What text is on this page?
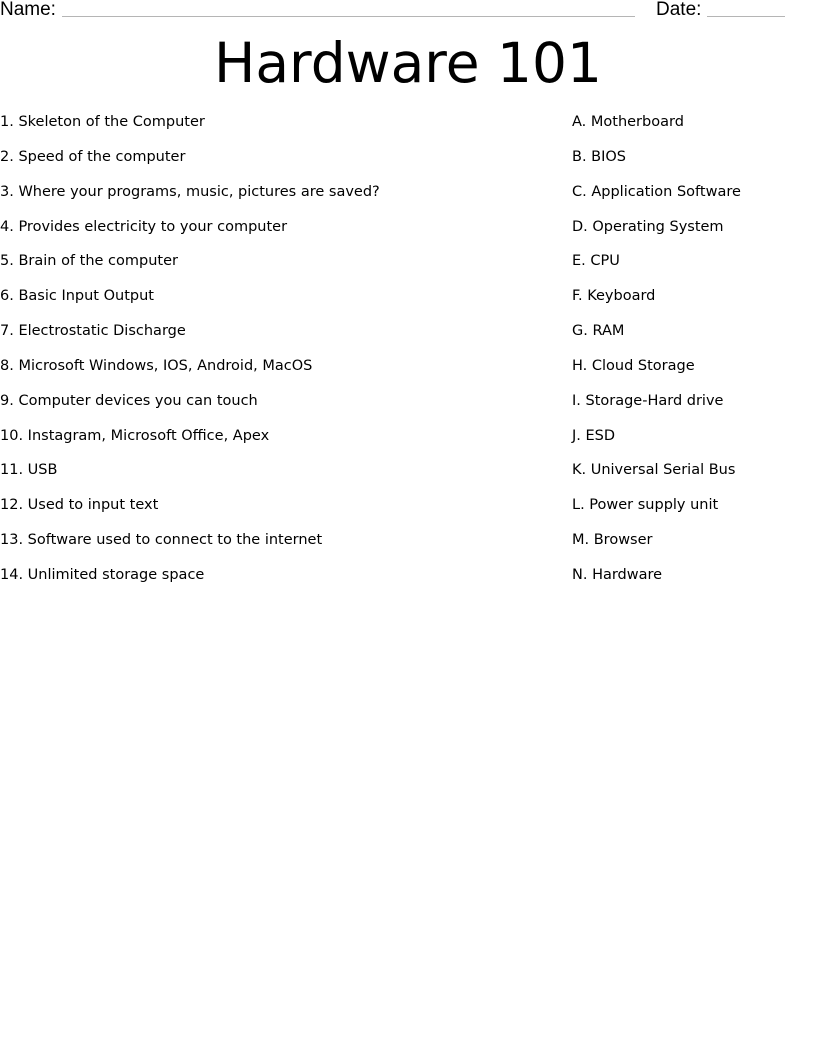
Name:	Date:
Hardware 101
1. Skeleton of the Computer
2. Speed of the computer
3. Where your programs, music, pictures are saved?
4. Provides electricity to your computer
5. Brain of the computer
6. Basic Input Output
7. Electrostatic Discharge
8. Microsoft Windows, IOS, Android, MacOS
9. Computer devices you can touch
10. Instagram, Microsoft Office, Apex
11. USB
12. Used to input text
13. Software used to connect to the internet
14. Unlimited storage space
A. Motherboard
B. BIOS
C. Application Software
D. Operating System
E. CPU
F. Keyboard
G. RAM
H. Cloud Storage
I. Storage-Hard drive
J. ESD
K. Universal Serial Bus
L. Power supply unit
M. Browser
N. Hardware
